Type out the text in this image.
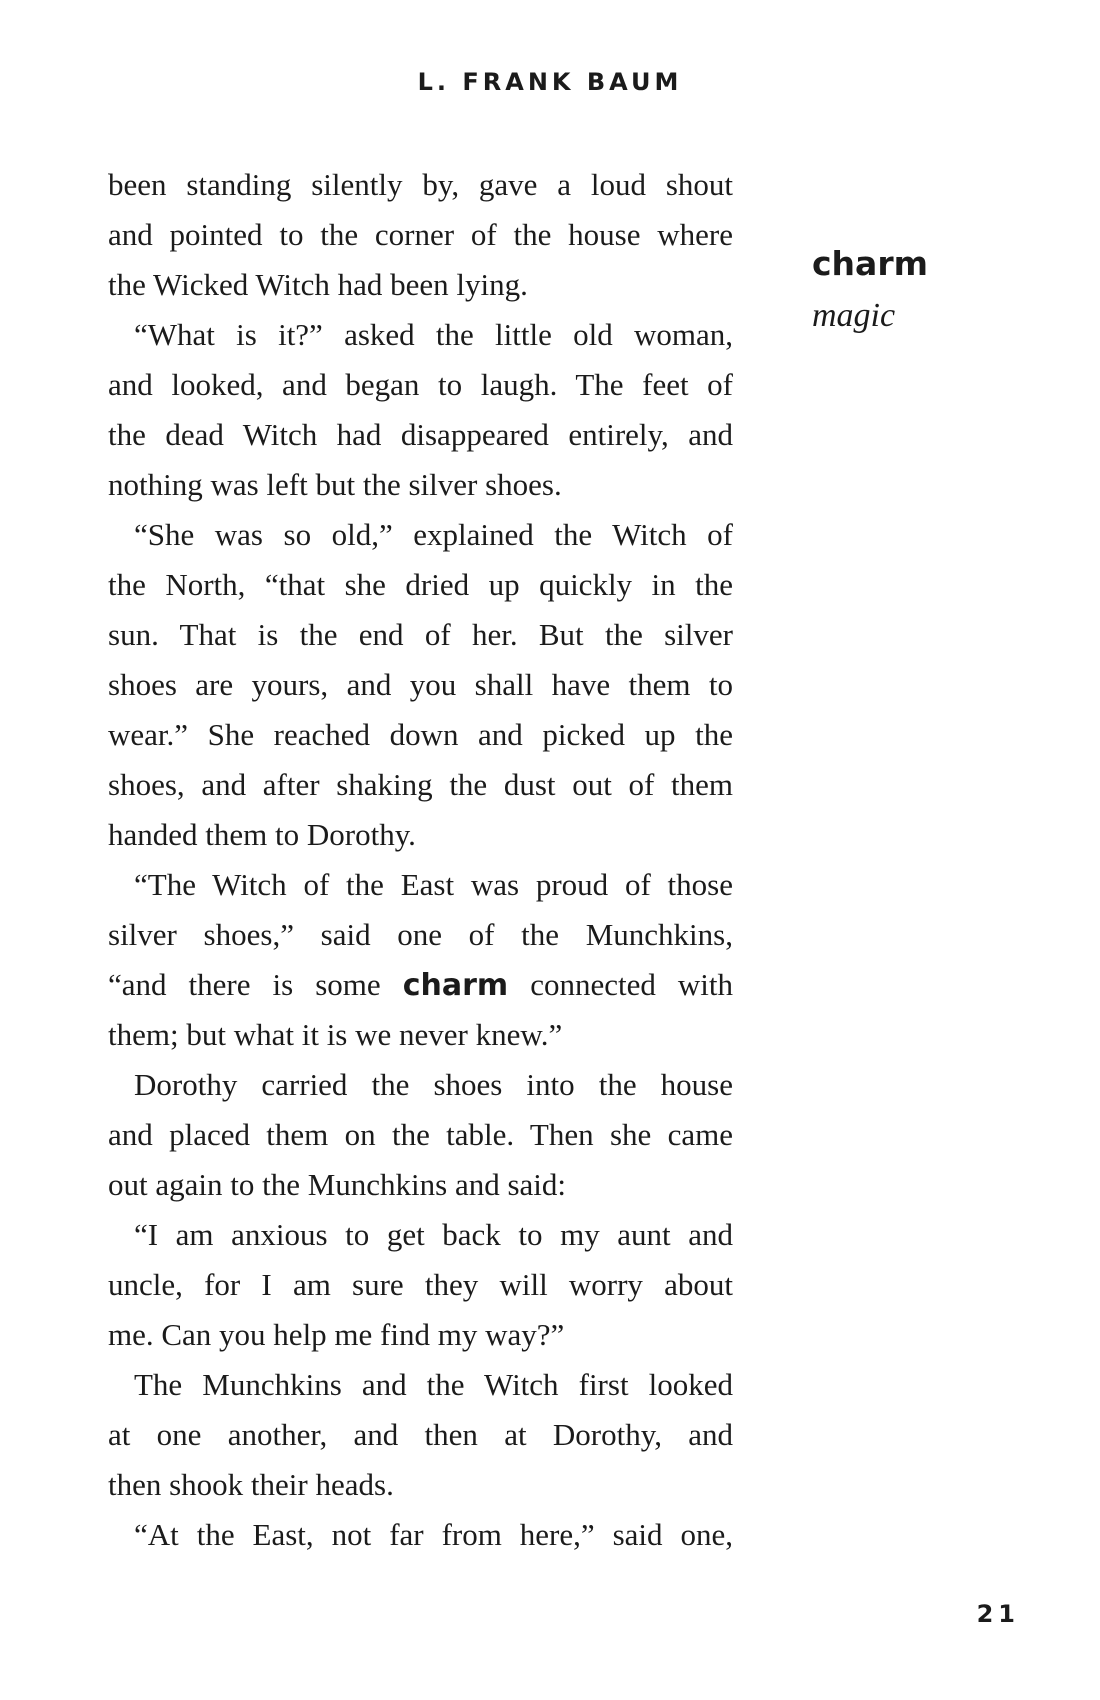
L. FRANK BAUM
been standing silently by, gave a loud shout
and pointed to the corner of the house where
the Wicked Witch had been lying.
“What is it?” asked the little old woman,
and looked, and began to laugh. The feet of
the dead Witch had disappeared entirely, and
nothing was left but the silver shoes.
“She was so old,” explained the Witch of
the North, “that she dried up quickly in the
sun. That is the end of her. But the silver
shoes are yours, and you shall have them to
wear.” She reached down and picked up the
shoes, and after shaking the dust out of them
handed them to Dorothy.
“The Witch of the East was proud of those
silver shoes,” said one of the Munchkins,
“and there is some charm connected with
them; but what it is we never knew.”
Dorothy carried the shoes into the house
and placed them on the table. Then she came
out again to the Munchkins and said:
“I am anxious to get back to my aunt and
uncle, for I am sure they will worry about
me. Can you help me find my way?”
The Munchkins and the Witch first looked
at one another, and then at Dorothy, and
then shook their heads.
“At the East, not far from here,” said one,
charm
magic
21
